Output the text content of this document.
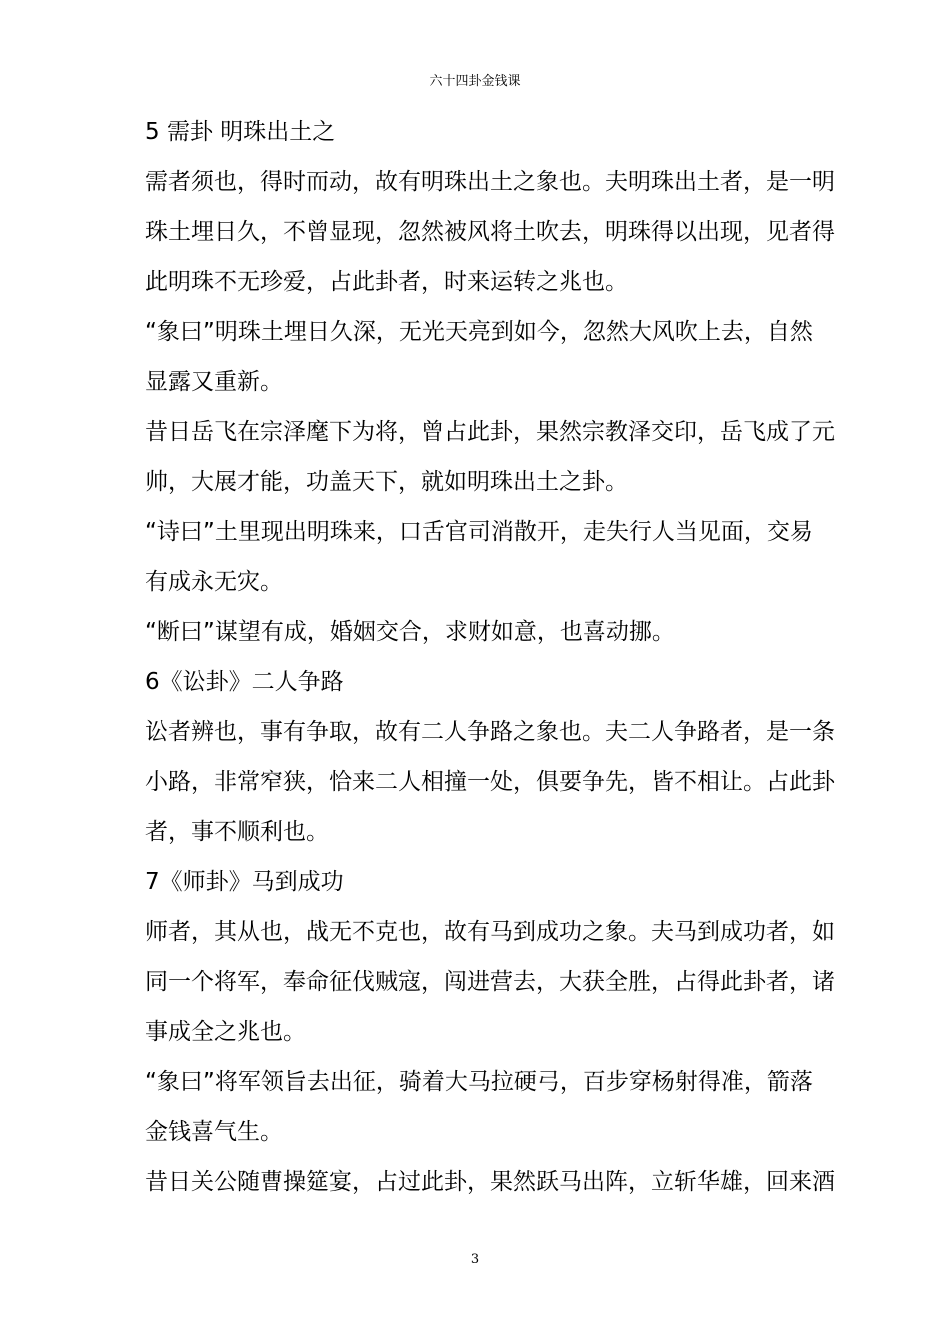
六十四卦金钱课
5 需卦 明珠出土之
需者须也，得时而动，故有明珠出土之象也。夫明珠出土者，是一明
珠土埋日久，不曾显现，忽然被风将土吹去，明珠得以出现，见者得
此明珠不无珍爱，占此卦者，时来运转之兆也。
“象曰”明珠土埋日久深，无光天亮到如今，忽然大风吹上去，自然
显露又重新。
昔日岳飞在宗泽麾下为将，曾占此卦，果然宗教泽交印，岳飞成了元
帅，大展才能，功盖天下，就如明珠出土之卦。
“诗曰”土里现出明珠来，口舌官司消散开，走失行人当见面，交易
有成永无灾。
“断曰”谋望有成，婚姻交合，求财如意，也喜动挪。
6《讼卦》二人争路
讼者辨也，事有争取，故有二人争路之象也。夫二人争路者，是一条
小路，非常窄狭，恰来二人相撞一处，俱要争先，皆不相让。占此卦
者，事不顺利也。
7《师卦》马到成功
师者，其从也，战无不克也，故有马到成功之象。夫马到成功者，如
同一个将军，奉命征伐贼寇，闯进营去，大获全胜，占得此卦者，诸
事成全之兆也。
“象曰”将军领旨去出征，骑着大马拉硬弓，百步穿杨射得准，箭落
金钱喜气生。
昔日关公随曹操筵宴，占过此卦，果然跃马出阵，立斩华雄，回来酒
3
